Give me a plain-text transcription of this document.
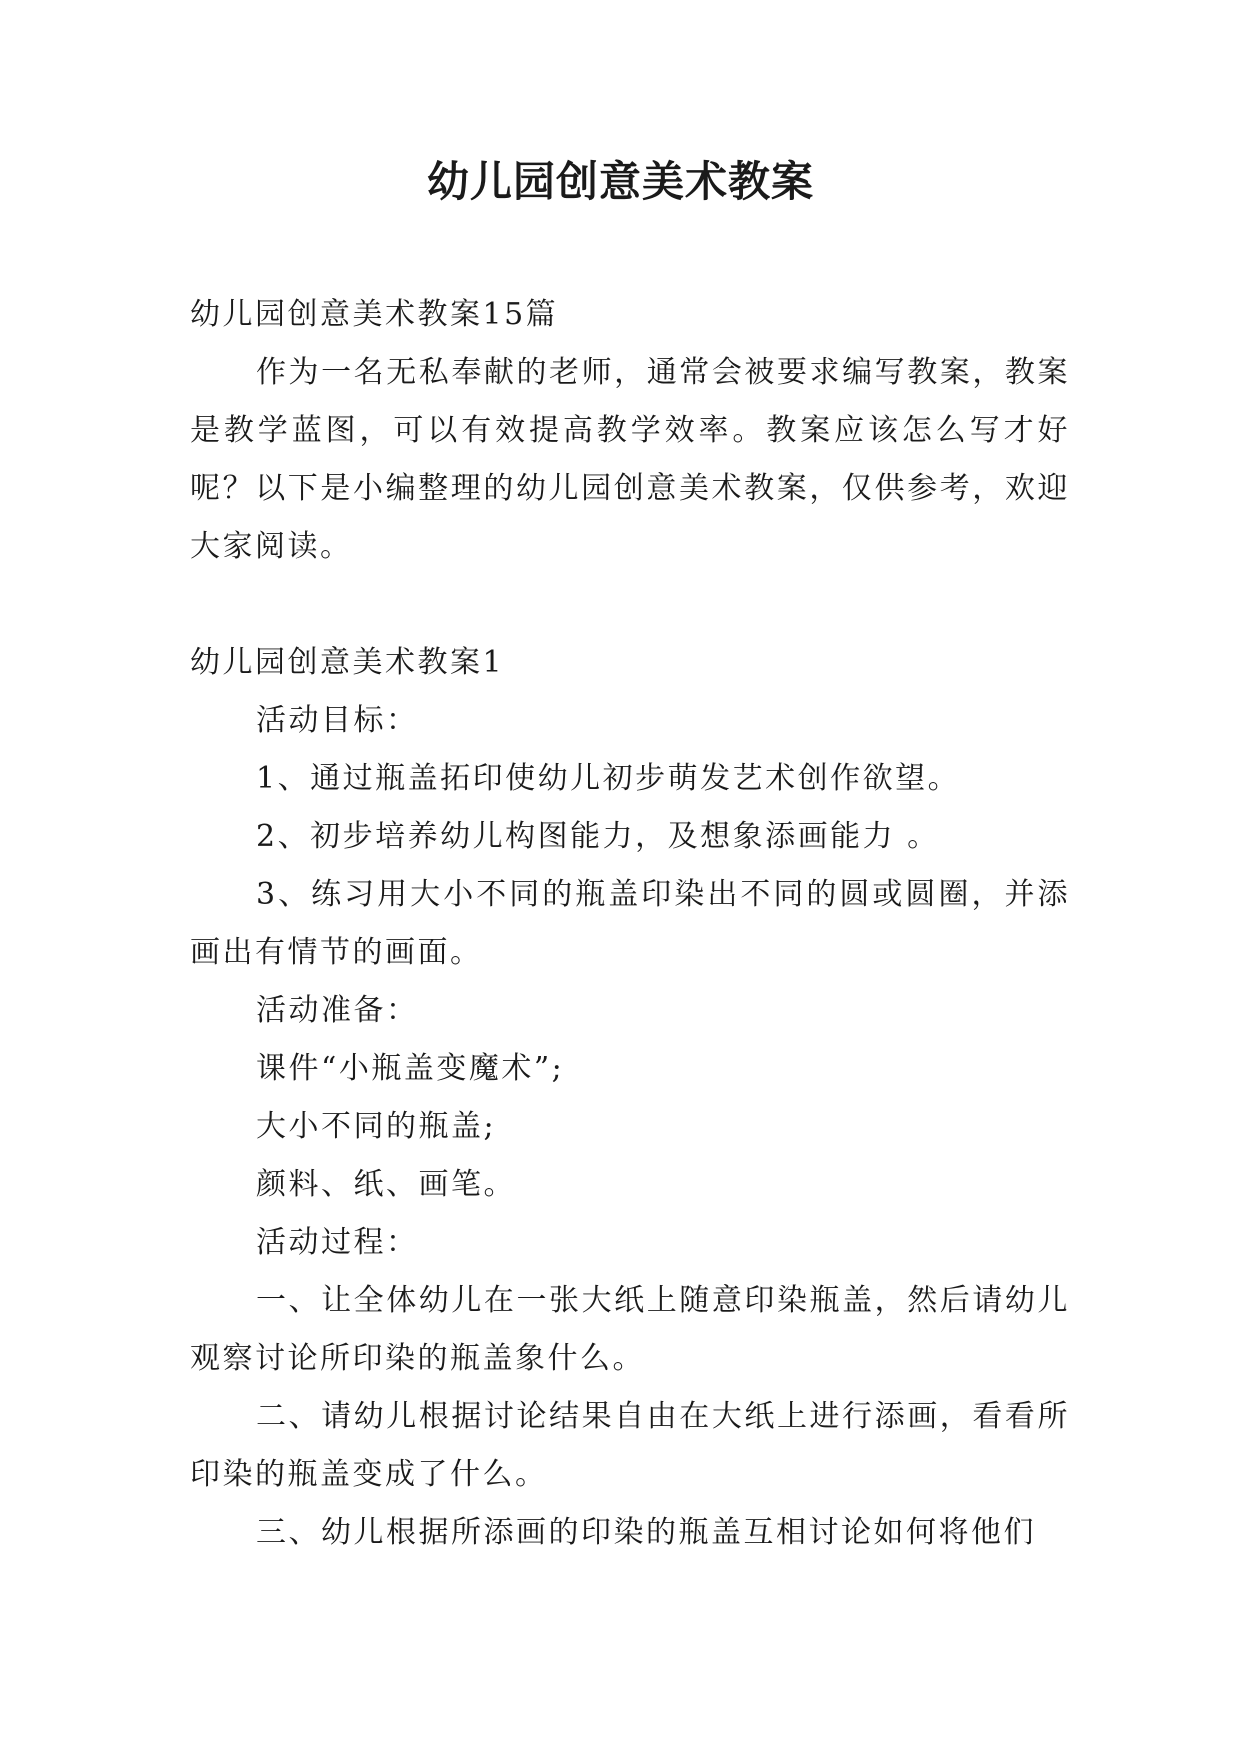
幼儿园创意美术教案

幼儿园创意美术教案15篇

作为一名无私奉献的老师，通常会被要求编写教案，教案是教学蓝图，可以有效提高教学效率。教案应该怎么写才好呢？以下是小编整理的幼儿园创意美术教案，仅供参考，欢迎大家阅读。

幼儿园创意美术教案1

活动目标：

1、通过瓶盖拓印使幼儿初步萌发艺术创作欲望。

2、初步培养幼儿构图能力，及想象添画能力 。

3、练习用大小不同的瓶盖印染出不同的圆或圆圈，并添画出有情节的画面。

活动准备：

课件“小瓶盖变魔术”;

大小不同的瓶盖;

颜料、纸、画笔。

活动过程：

一、让全体幼儿在一张大纸上随意印染瓶盖，然后请幼儿观察讨论所印染的瓶盖象什么。

二、请幼儿根据讨论结果自由在大纸上进行添画，看看所印染的瓶盖变成了什么。

三、幼儿根据所添画的印染的瓶盖互相讨论如何将他们
